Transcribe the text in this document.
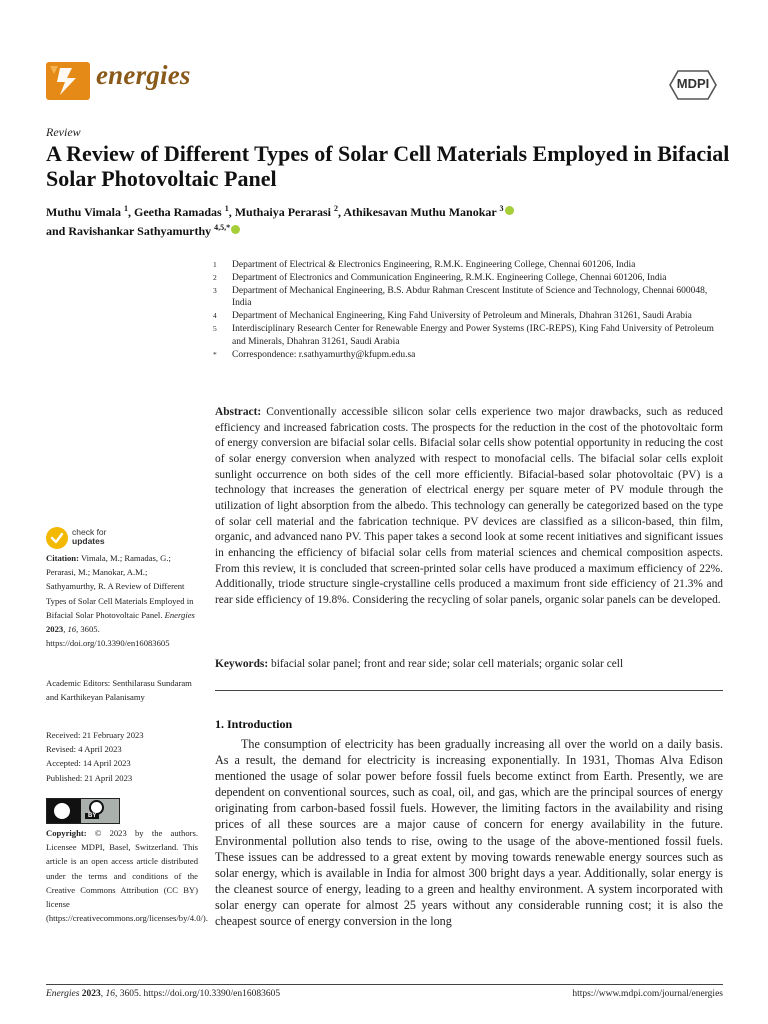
energies	MDPI
Review
A Review of Different Types of Solar Cell Materials Employed in Bifacial Solar Photovoltaic Panel
Muthu Vimala $^1$, Geetha Ramadas $^1$, Muthaiya Perarasi $^2$, Athikesavan Muthu Manokar $^3$
and Ravishankar Sathyamurthy $^{4,5,*}$
1	Department of Electrical & Electronics Engineering, R.M.K. Engineering College, Chennai 601206, India
2	Department of Electronics and Communication Engineering, R.M.K. Engineering College, Chennai 601206, India
3	Department of Mechanical Engineering, B.S. Abdur Rahman Crescent Institute of Science and Technology, Chennai 600048, India
4	Department of Mechanical Engineering, King Fahd University of Petroleum and Minerals, Dhahran 31261, Saudi Arabia
5	Interdisciplinary Research Center for Renewable Energy and Power Systems (IRC-REPS), King Fahd University of Petroleum and Minerals, Dhahran 31261, Saudi Arabia
*	Correspondence: r.sathyamurthy@kfupm.edu.sa
Abstract: Conventionally accessible silicon solar cells experience two major drawbacks, such as reduced efficiency and increased fabrication costs. The prospects for the reduction in the cost of the photovoltaic form of energy conversion are bifacial solar cells. Bifacial solar cells show potential opportunity in reducing the cost of solar energy conversion when analyzed with respect to monofacial cells. The bifacial solar cells exploit sunlight occurrence on both sides of the cell more efficiently. Bifacial-based solar photovoltaic (PV) is a technology that increases the generation of electrical energy per square meter of PV module through the utilization of light absorption from the albedo. This technology can generally be categorized based on the type of solar cell material and the fabrication technique. PV devices are classified as a silicon-based, thin film, organic, and advanced nano PV. This paper takes a second look at some recent initiatives and significant issues in enhancing the efficiency of bifacial solar cells from material sciences and chemical composition aspects. From this review, it is concluded that screen-printed solar cells have produced a maximum efficiency of 22%. Additionally, triode structure single-crystalline cells produced a maximum front side efficiency of 21.3% and rear side efficiency of 19.8%. Considering the recycling of solar panels, organic solar panels can be developed.
Keywords: bifacial solar panel; front and rear side; solar cell materials; organic solar cell
1. Introduction
The consumption of electricity has been gradually increasing all over the world on a daily basis. As a result, the demand for electricity is increasing exponentially. In 1931, Thomas Alva Edison mentioned the usage of solar power before fossil fuels become extinct from Earth. Presently, we are dependent on conventional sources, such as coal, oil, and gas, which are the principal sources of energy originating from carbon-based fossil fuels. However, the limiting factors in the availability and rising prices of all these sources are a major cause of concern for energy availability in the future. Environmental pollution also tends to rise, owing to the usage of the above-mentioned fossil fuels. These issues can be addressed to a great extent by moving towards renewable energy sources such as solar energy, which is available in India for almost 300 bright days a year. Additionally, solar energy is the cleanest source of energy, leading to a green and healthy environment. A system incorporated with solar energy can operate for almost 25 years without any considerable running cost; it is also the cheapest source of energy conversion in the long
check for
updates
Citation: Vimala, M.; Ramadas, G.; Perarasi, M.; Manokar, A.M.; Sathyamurthy, R. A Review of Different Types of Solar Cell Materials Employed in Bifacial Solar Photovoltaic Panel. Energies 2023, 16, 3605. https://doi.org/10.3390/en16083605
Academic Editors: Senthilarasu Sundaram and Karthikeyan Palanisamy
Received: 21 February 2023
Revised: 4 April 2023
Accepted: 14 April 2023
Published: 21 April 2023
BY
Copyright: © 2023 by the authors. Licensee MDPI, Basel, Switzerland. This article is an open access article distributed under the terms and conditions of the Creative Commons Attribution (CC BY) license (https://creativecommons.org/licenses/by/4.0/).
Energies 2023, 16, 3605. https://doi.org/10.3390/en16083605	https://www.mdpi.com/journal/energies
